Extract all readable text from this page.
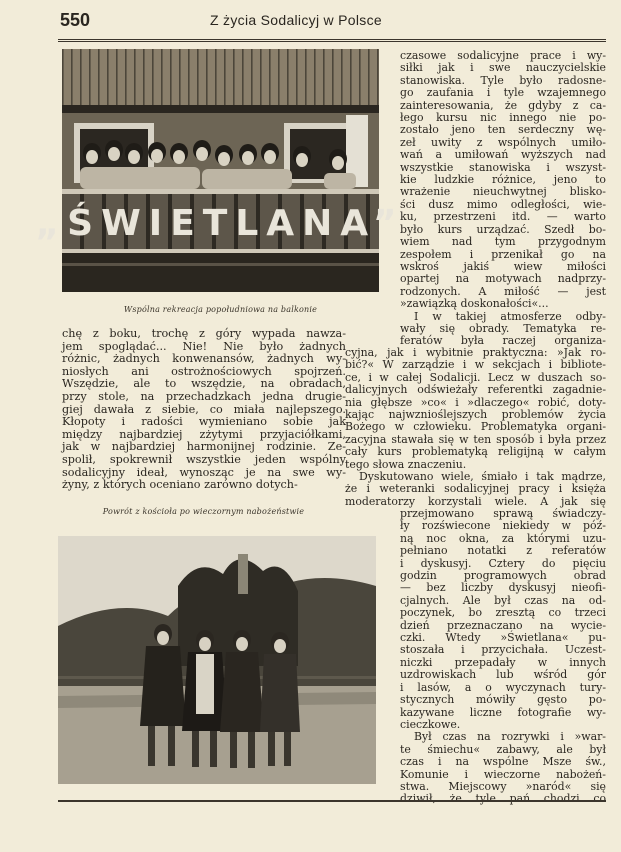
550	Z życia Sodalicyj w Polsce
„ŚWIETLANA”
Wspólna rekreacja popołudniowa na balkonie
Powrót z kościoła po wieczornym nabożeństwie
chę z boku, trochę z góry wypada nawza-
jem spoglądać... Nie! Nie było żadnych
różnic, żadnych konwenansów, żadnych wy-
niosłych ani ostrożnościowych spojrzeń.
Wszędzie, ale to wszędzie, na obradach,
przy stole, na przechadzkach jedna drugie-
giej dawała z siebie, co miała najlepszego.
Kłopoty i radości wymieniano sobie jak
między najbardziej zżytymi przyjaciółkami,
jak w najbardziej harmonijnej rodzinie. Ze-
spolił, spokrewnił wszystkie jeden wspólny
sodalicyjny ideał, wynosząc je na swe wy-
żyny, z których oceniano zarówno dotych-
czasowe sodalicyjne prace i wy-
siłki jak i swe nauczycielskie
stanowiska. Tyle było radosne-
go zaufania i tyle wzajemnego
zainteresowania, że gdyby z ca-
łego kursu nic innego nie po-
zostało jeno ten serdeczny wę-
zeł uwity z wspólnych umiło-
wań a umiłowań wyższych nad
wszystkie stanowiska i wszyst-
kie ludzkie różnice, jeno to
wrażenie nieuchwytnej blisko-
ści dusz mimo odległości, wie-
ku, przestrzeni itd. — warto
było kurs urządzać. Szedł bo-
wiem nad tym przygodnym
zespołem i przenikał go na
wskroś jakiś wiew miłości
opartej na motywach nadprzy-
rodzonych. A miłość — jest
»zawiązką doskonałości«...
I w takiej atmosferze odby-
wały się obrady. Tematyka re-
feratów była raczej organiza-
cyjna, jak i wybitnie praktyczna: »Jak ro-
bić?« W zarządzie i w sekcjach i bibliote-
ce, i w całej Sodalicji. Lecz w duszach so-
dalicyjnych odświeżały referentki zagadnie-
nia głębsze »co« i »dlaczego« robić, doty-
kając najwznioślejszych problemów życia
Bożego w człowieku. Problematyka organi-
zacyjna stawała się w ten sposób i była przez
cały kurs problematyką religijną w całym
tego słowa znaczeniu.
Dyskutowano wiele, śmiało i tak mądrze,
że i weteranki sodalicyjnej pracy i księża
moderatorzy korzystali wiele. A jak się
przejmowano sprawą świadczy-
ły rozświecone niekiedy w póź-
ną noc okna, za którymi uzu-
pełniano notatki z referatów
i dyskusyj. Cztery do pięciu
godzin programowych obrad
— bez liczby dyskusyj nieofi-
cjalnych. Ale był czas na od-
poczynek, bo zresztą co trzeci
dzień przeznaczano na wycie-
czki. Wtedy »Świetlana« pu-
stoszała i przycichała. Uczest-
niczki przepadały w innych
uzdrowiskach lub wśród gór
i lasów, a o wyczynach tury-
stycznych mówiły gęsto po-
kazywane liczne fotografie wy-
cieczkowe.
Był czas na rozrywki i »war-
te śmiechu« zabawy, ale był
czas i na wspólne Msze św.,
Komunie i wieczorne nabożeń-
stwa. Miejscowy »naród« się
dziwił, że tyle pań chodzi co
